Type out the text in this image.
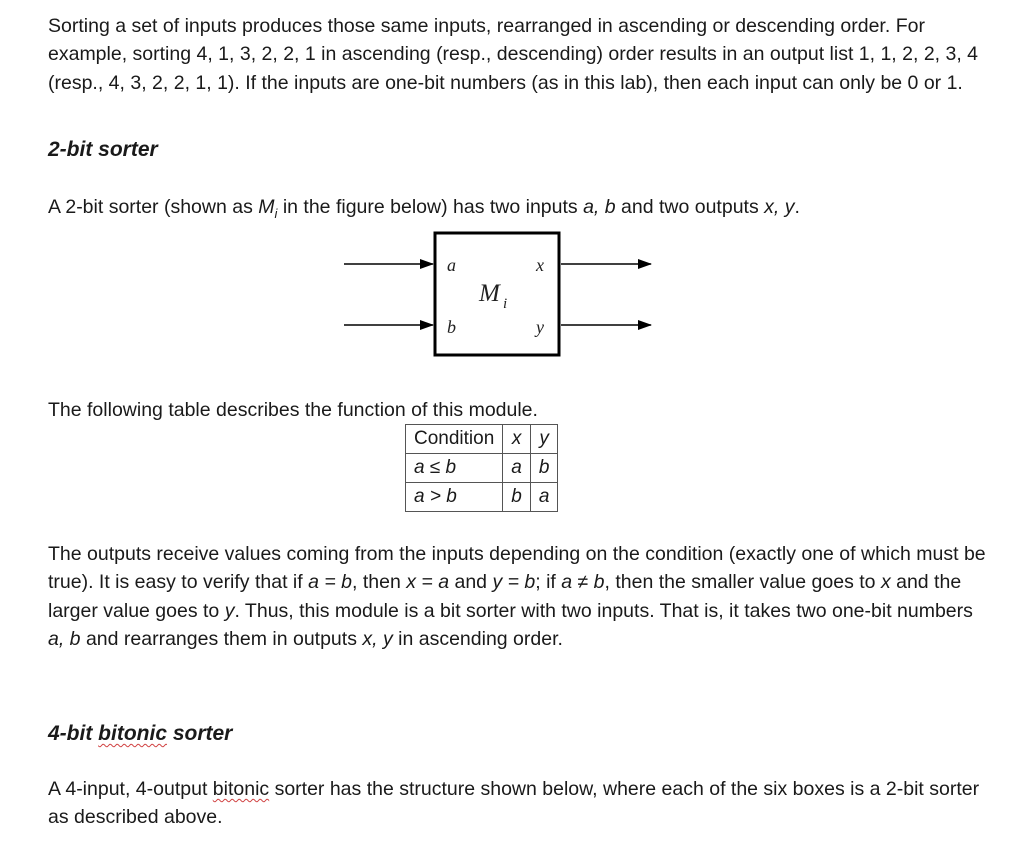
Sorting a set of inputs produces those same inputs, rearranged in ascending or descending order. For example, sorting 4, 1, 3, 2, 2, 1 in ascending (resp., descending) order results in an output list 1, 1, 2, 2, 3, 4 (resp., 4, 3, 2, 2, 1, 1). If the inputs are one-bit numbers (as in this lab), then each input can only be 0 or 1.

2-bit sorter

A 2-bit sorter (shown as $M_i$ in the figure below) has two inputs a, b and two outputs x, y.

a
b
x
y
M i

The following table describes the function of this module.

Condition	x	y
a ≤ b	a	b
a > b	b	a

The outputs receive values coming from the inputs depending on the condition (exactly one of which must be true). It is easy to verify that if a = b, then x = a and y = b; if a ≠ b, then the smaller value goes to x and the larger value goes to y. Thus, this module is a bit sorter with two inputs. That is, it takes two one-bit numbers a, b and rearranges them in outputs x, y in ascending order.

4-bit bitonic sorter

A 4-input, 4-output bitonic sorter has the structure shown below, where each of the six boxes is a 2-bit sorter as described above.
